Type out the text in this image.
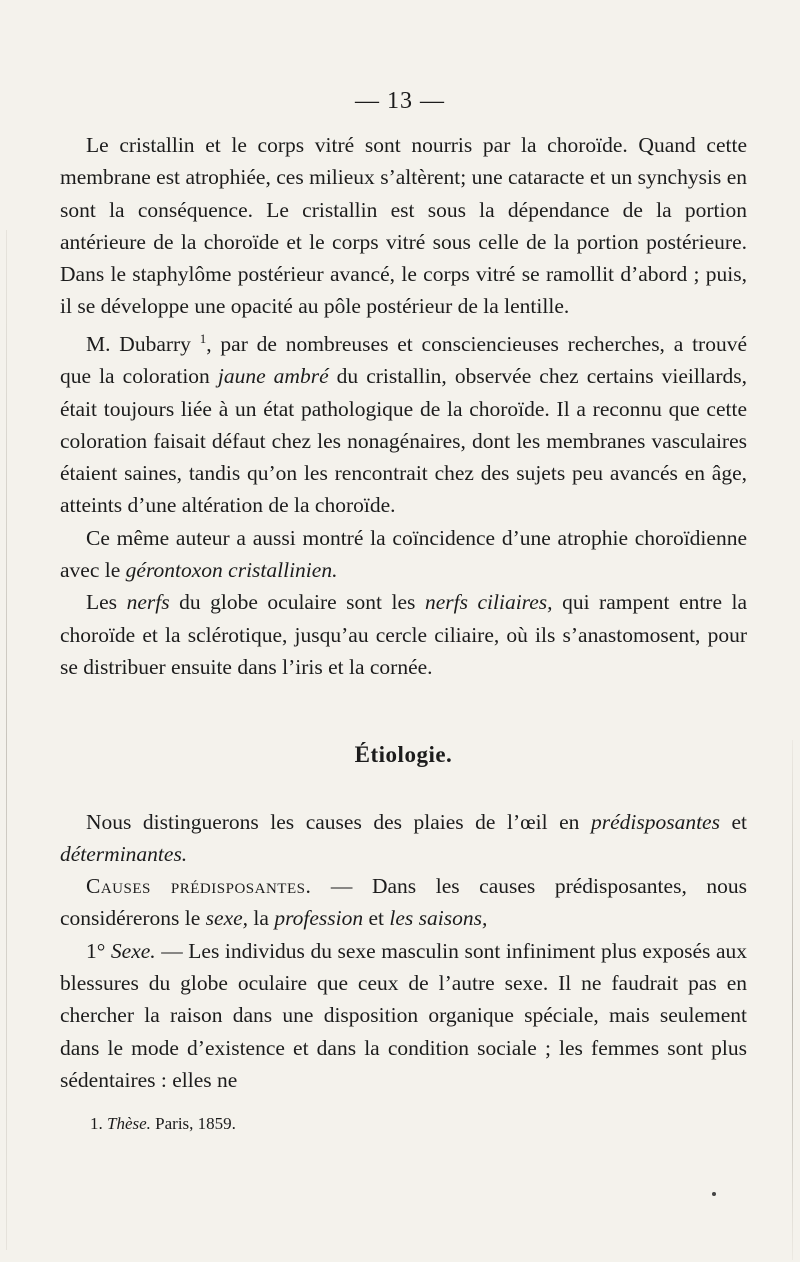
— 13 —

Le cristallin et le corps vitré sont nourris par la choroïde. Quand cette membrane est atrophiée, ces milieux s’altèrent; une cataracte et un synchysis en sont la conséquence. Le cristallin est sous la dépendance de la portion antérieure de la choroïde et le corps vitré sous celle de la portion postérieure. Dans le staphylôme postérieur avancé, le corps vitré se ramollit d’abord ; puis, il se développe une opacité au pôle postérieur de la lentille.

M. Dubarry $^1$, par de nombreuses et consciencieuses recherches, a trouvé que la coloration jaune ambré du cristallin, observée chez certains vieillards, était toujours liée à un état pathologique de la choroïde. Il a reconnu que cette coloration faisait défaut chez les nonagénaires, dont les membranes vasculaires étaient saines, tandis qu’on les rencontrait chez des sujets peu avancés en âge, atteints d’une altération de la choroïde.

Ce même auteur a aussi montré la coïncidence d’une atrophie choroïdienne avec le gérontoxon cristallinien.

Les nerfs du globe oculaire sont les nerfs ciliaires, qui rampent entre la choroïde et la sclérotique, jusqu’au cercle ciliaire, où ils s’anastomosent, pour se distribuer ensuite dans l’iris et la cornée.

Étiologie.

Nous distinguerons les causes des plaies de l’œil en prédisposantes et déterminantes.

Causes prédisposantes. — Dans les causes prédisposantes, nous considérerons le sexe, la profession et les saisons,

1° Sexe. — Les individus du sexe masculin sont infiniment plus exposés aux blessures du globe oculaire que ceux de l’autre sexe. Il ne faudrait pas en chercher la raison dans une disposition organique spéciale, mais seulement dans le mode d’existence et dans la condition sociale ; les femmes sont plus sédentaires : elles ne

1. Thèse. Paris, 1859.
